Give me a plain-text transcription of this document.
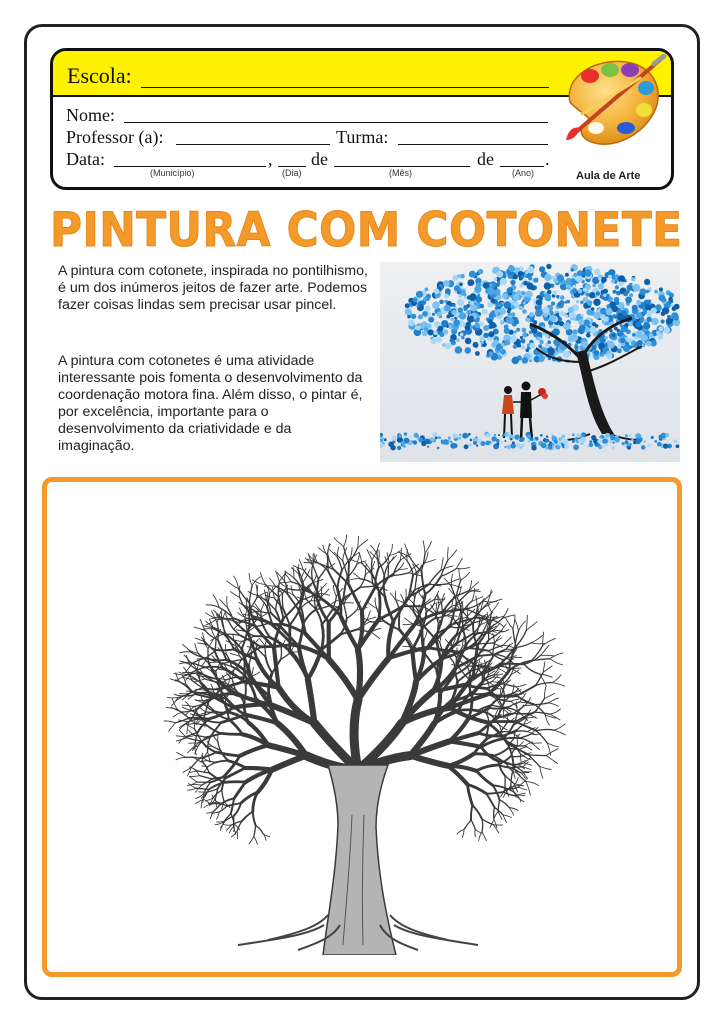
Escola:
Nome:
Professor (a):	Turma:
Data:	, de	de	.
(Município)	(Dia)	(Mês)	(Ano)	Aula de Arte
PINTURA COM COTONETE

A pintura com cotonete, inspirada no pontilhismo, é um dos inúmeros jeitos de fazer arte. Podemos fazer coisas lindas sem precisar usar pincel.

A pintura com cotonetes é uma atividade interessante pois fomenta o desenvolvimento da coordenação motora fina. Além disso, o pintar é, por excelência, importante para o desenvolvimento da criatividade e da imaginação.
